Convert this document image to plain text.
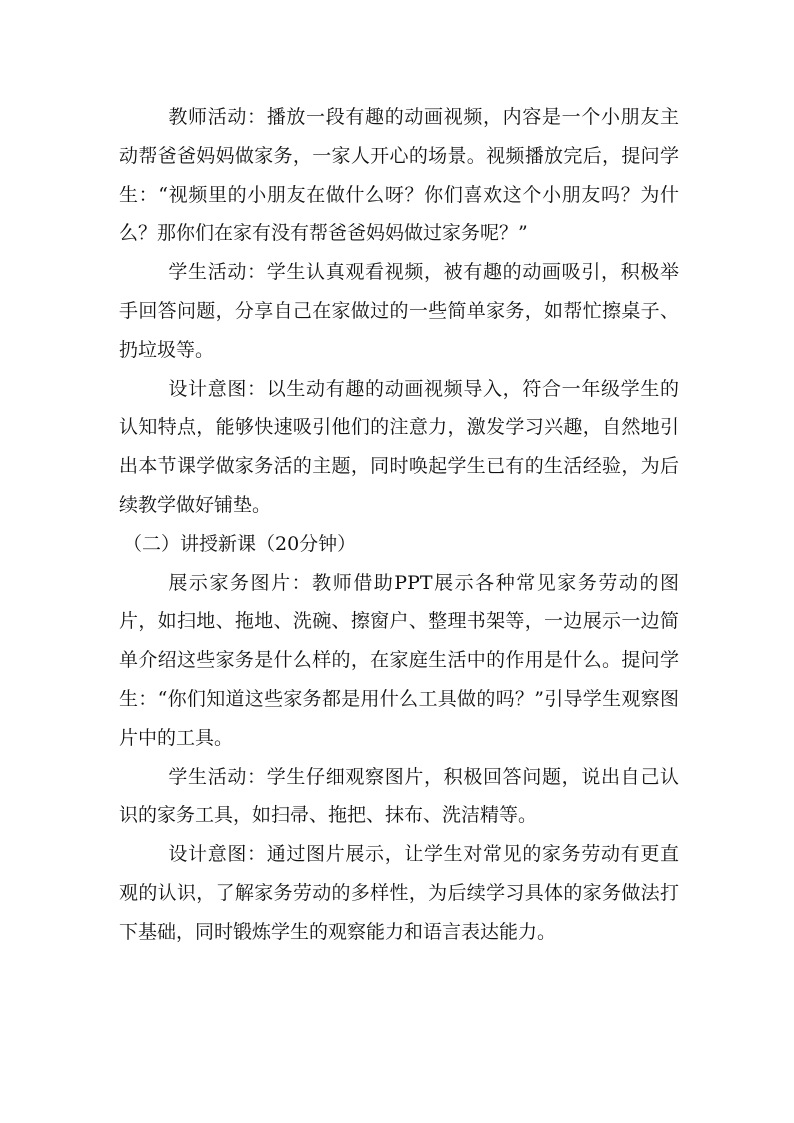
教师活动：播放一段有趣的动画视频，内容是一个小朋友主动帮爸爸妈妈做家务，一家人开心的场景。视频播放完后，提问学生：“视频里的小朋友在做什么呀？你们喜欢这个小朋友吗？为什么？那你们在家有没有帮爸爸妈妈做过家务呢？”

学生活动：学生认真观看视频，被有趣的动画吸引，积极举手回答问题，分享自己在家做过的一些简单家务，如帮忙擦桌子、扔垃圾等。

设计意图：以生动有趣的动画视频导入，符合一年级学生的认知特点，能够快速吸引他们的注意力，激发学习兴趣，自然地引出本节课学做家务活的主题，同时唤起学生已有的生活经验，为后续教学做好铺垫。

（二）讲授新课（20分钟）

展示家务图片：教师借助PPT展示各种常见家务劳动的图片，如扫地、拖地、洗碗、擦窗户、整理书架等，一边展示一边简单介绍这些家务是什么样的，在家庭生活中的作用是什么。提问学生：“你们知道这些家务都是用什么工具做的吗？”引导学生观察图片中的工具。

学生活动：学生仔细观察图片，积极回答问题，说出自己认识的家务工具，如扫帚、拖把、抹布、洗洁精等。

设计意图：通过图片展示，让学生对常见的家务劳动有更直观的认识，了解家务劳动的多样性，为后续学习具体的家务做法打下基础，同时锻炼学生的观察能力和语言表达能力。
